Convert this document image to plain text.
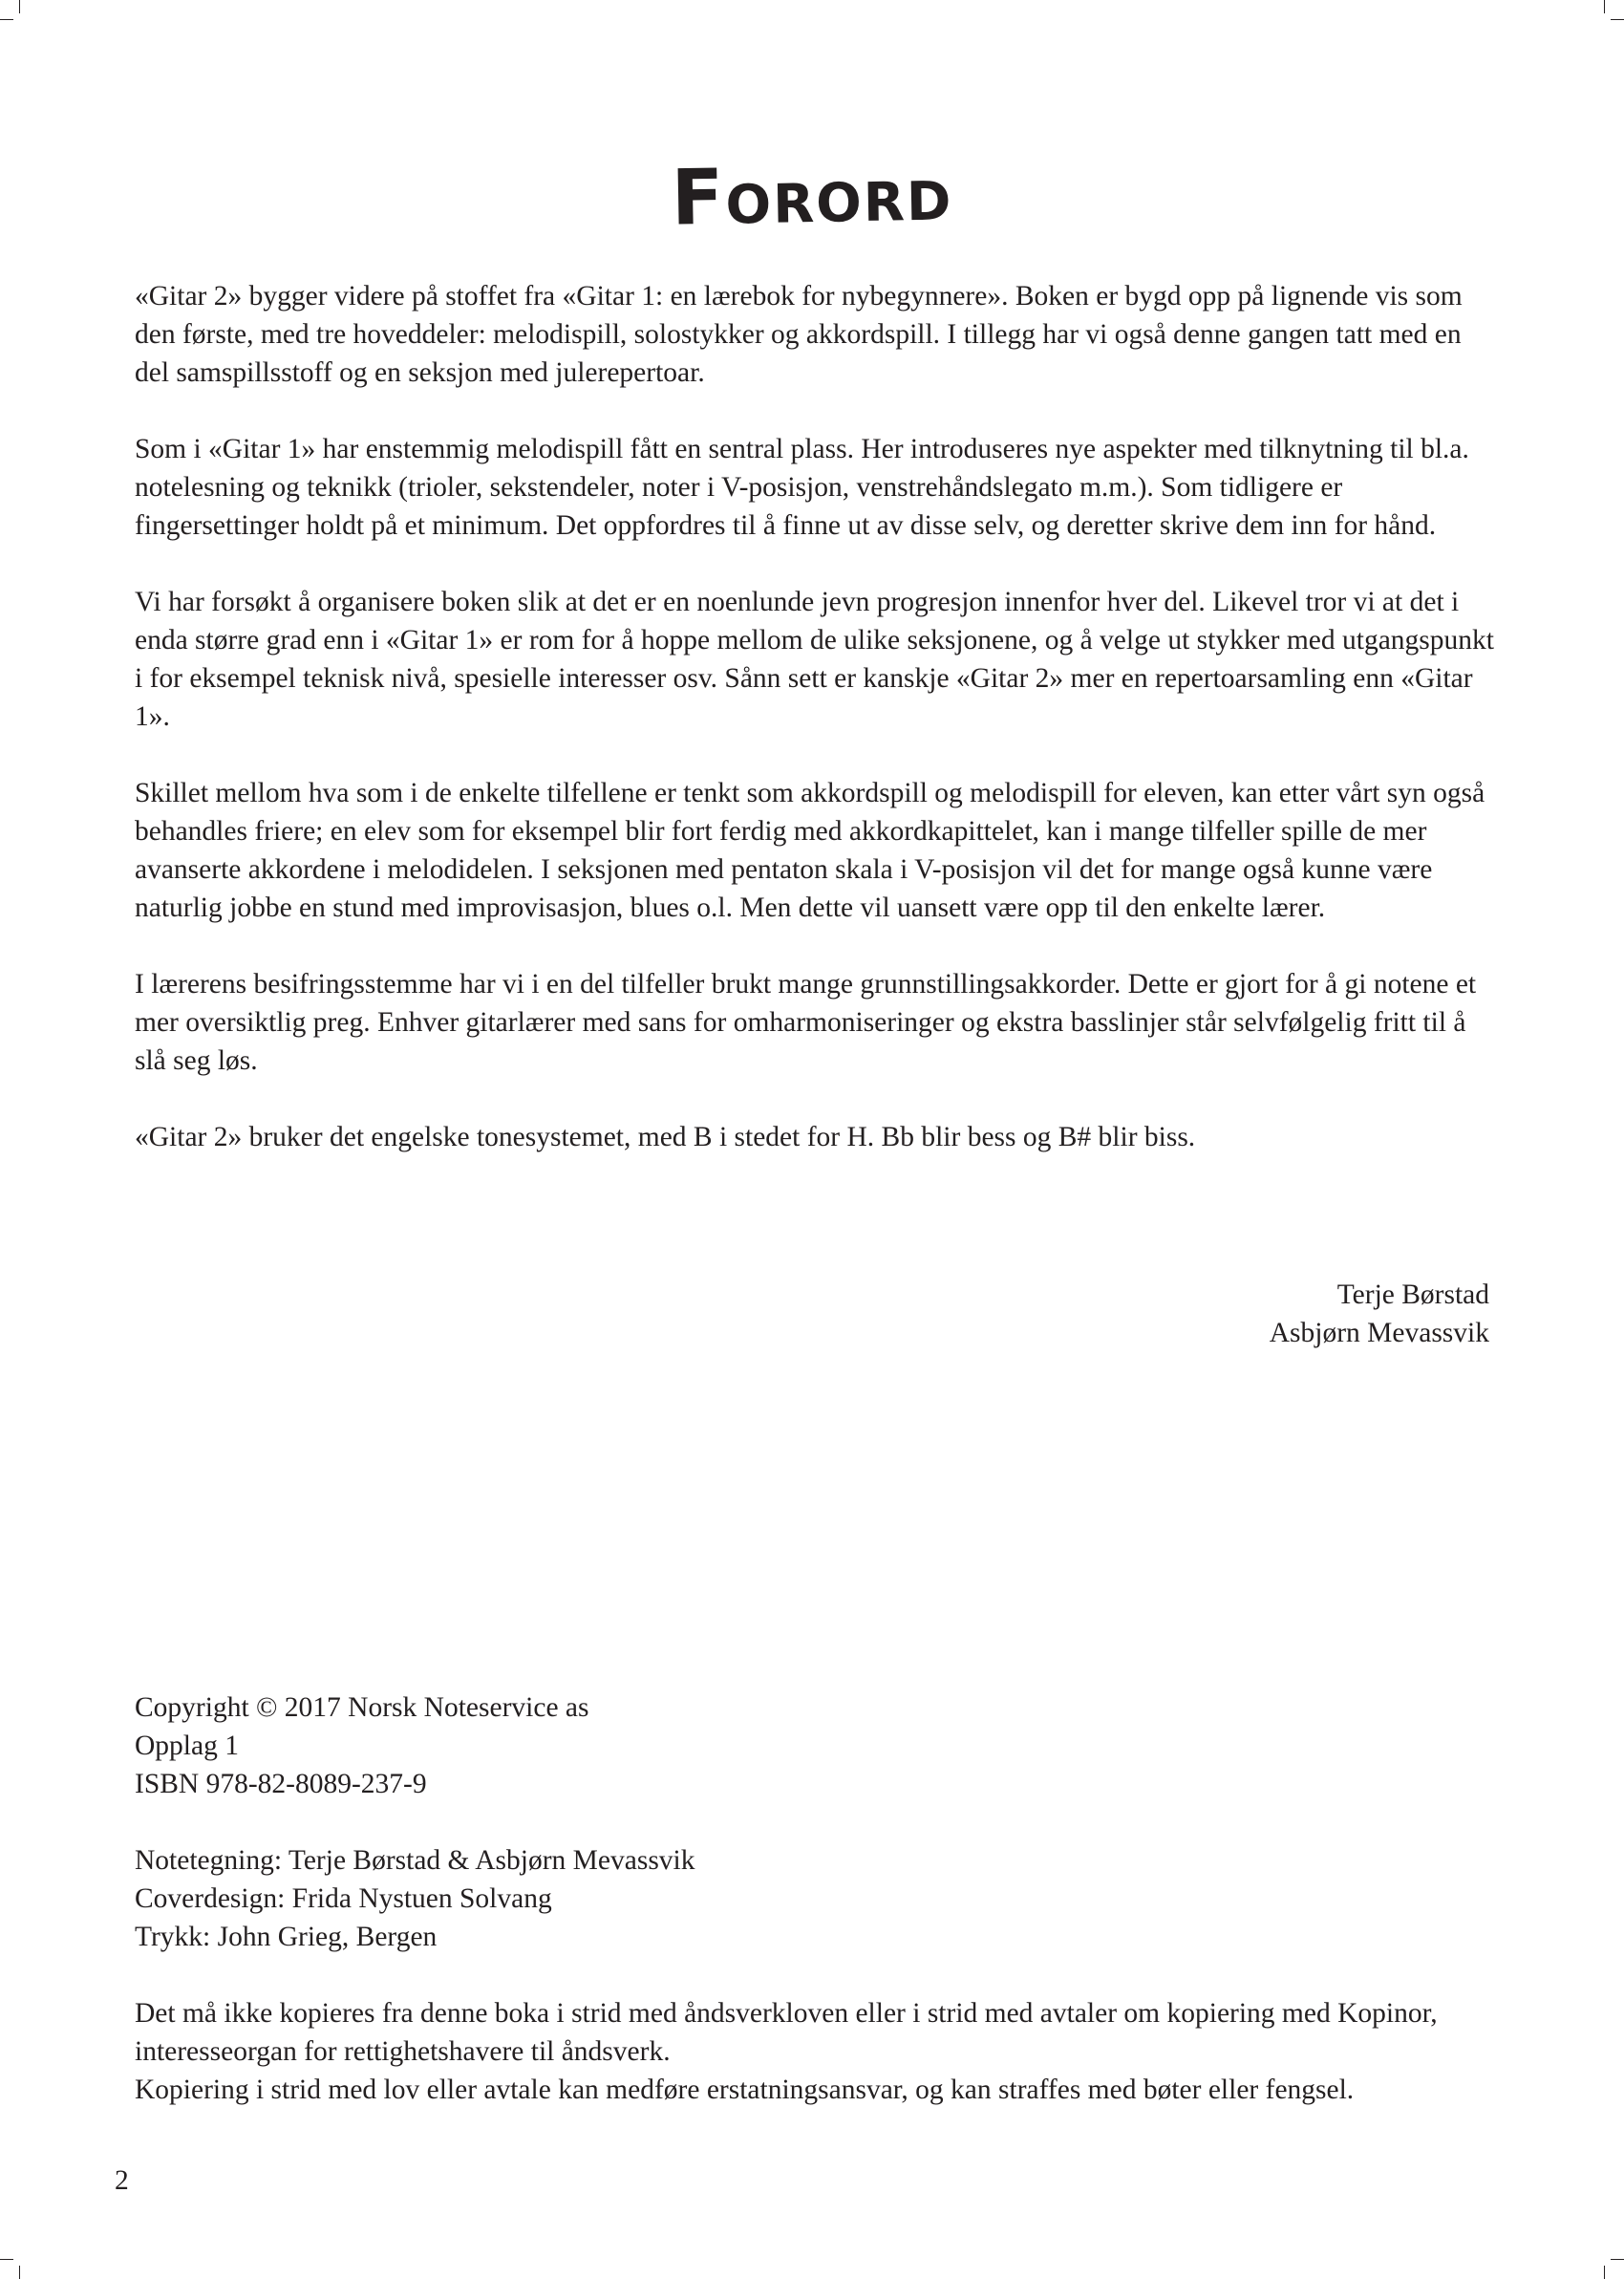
Forord

«Gitar 2» bygger videre på stoffet fra «Gitar 1: en lærebok for nybegynnere». Boken er bygd opp på lignende vis som den første, med tre hoveddeler: melodispill, solostykker og akkordspill. I tillegg har vi også denne gangen tatt med en del samspillsstoff og en seksjon med julerepertoar.

Som i «Gitar 1» har enstemmig melodispill fått en sentral plass. Her introduseres nye aspekter med tilknytning til bl.a. notelesning og teknikk (trioler, sekstendeler, noter i V-posisjon, venstrehåndslegato m.m.). Som tidligere er fingersettinger holdt på et minimum. Det oppfordres til å finne ut av disse selv, og deretter skrive dem inn for hånd.

Vi har forsøkt å organisere boken slik at det er en noenlunde jevn progresjon innenfor hver del. Likevel tror vi at det i enda større grad enn i «Gitar 1» er rom for å hoppe mellom de ulike seksjonene, og å velge ut stykker med utgangspunkt i for eksempel teknisk nivå, spesielle interesser osv. Sånn sett er kanskje «Gitar 2» mer en repertoarsamling enn «Gitar 1».

Skillet mellom hva som i de enkelte tilfellene er tenkt som akkordspill og melodispill for eleven, kan etter vårt syn også behandles friere; en elev som for eksempel blir fort ferdig med akkordkapittelet, kan i mange tilfeller spille de mer avanserte akkordene i melodidelen. I seksjonen med pentaton skala i V-posisjon vil det for mange også kunne være naturlig jobbe en stund med improvisasjon, blues o.l. Men dette vil uansett være opp til den enkelte lærer.

I lærerens besifringsstemme har vi i en del tilfeller brukt mange grunnstillingsakkorder. Dette er gjort for å gi notene et mer oversiktlig preg. Enhver gitarlærer med sans for omharmoniseringer og ekstra basslinjer står selvfølgelig fritt til å slå seg løs.

«Gitar 2» bruker det engelske tonesystemet, med B i stedet for H. Bb blir bess og B# blir biss.

Terje Børstad
Asbjørn Mevassvik
Copyright © 2017 Norsk Noteservice as
Opplag 1
ISBN 978-82-8089-237-9
Notetegning: Terje Børstad & Asbjørn Mevassvik
Coverdesign: Frida Nystuen Solvang
Trykk: John Grieg, Bergen
Det må ikke kopieres fra denne boka i strid med åndsverkloven eller i strid med avtaler om kopiering med Kopinor, interesseorgan for rettighetshavere til åndsverk.
Kopiering i strid med lov eller avtale kan medføre erstatningsansvar, og kan straffes med bøter eller fengsel.
2
